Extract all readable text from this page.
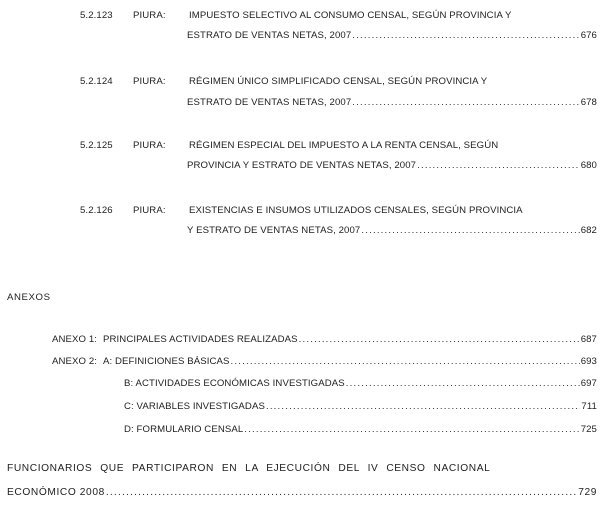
5.2.123 PIURA: IMPUESTO SELECTIVO AL CONSUMO CENSAL, SEGÚN PROVINCIA Y
ESTRATO DE VENTAS NETAS, 2007 .....	676
5.2.124 PIURA: RÉGIMEN ÚNICO SIMPLIFICADO CENSAL, SEGÚN PROVINCIA Y
ESTRATO DE VENTAS NETAS, 2007 .....	678
5.2.125 PIURA: RÉGIMEN ESPECIAL DEL IMPUESTO A LA RENTA CENSAL, SEGÚN
PROVINCIA Y ESTRATO DE VENTAS NETAS, 2007 .....	680
5.2.126 PIURA: EXISTENCIAS E INSUMOS UTILIZADOS CENSALES, SEGÚN PROVINCIA
Y ESTRATO DE VENTAS NETAS, 2007 .....	682
ANEXOS
ANEXO 1: PRINCIPALES ACTIVIDADES REALIZADAS .....	687
ANEXO 2: A: DEFINICIONES BÁSICAS .....	693
B: ACTIVIDADES ECONÓMICAS INVESTIGADAS .....	697
C: VARIABLES INVESTIGADAS .....	711
D: FORMULARIO CENSAL .....	725
FUNCIONARIOS QUE PARTICIPARON EN LA EJECUCIÓN DEL IV CENSO NACIONAL
ECONÓMICO 2008 .....	729
